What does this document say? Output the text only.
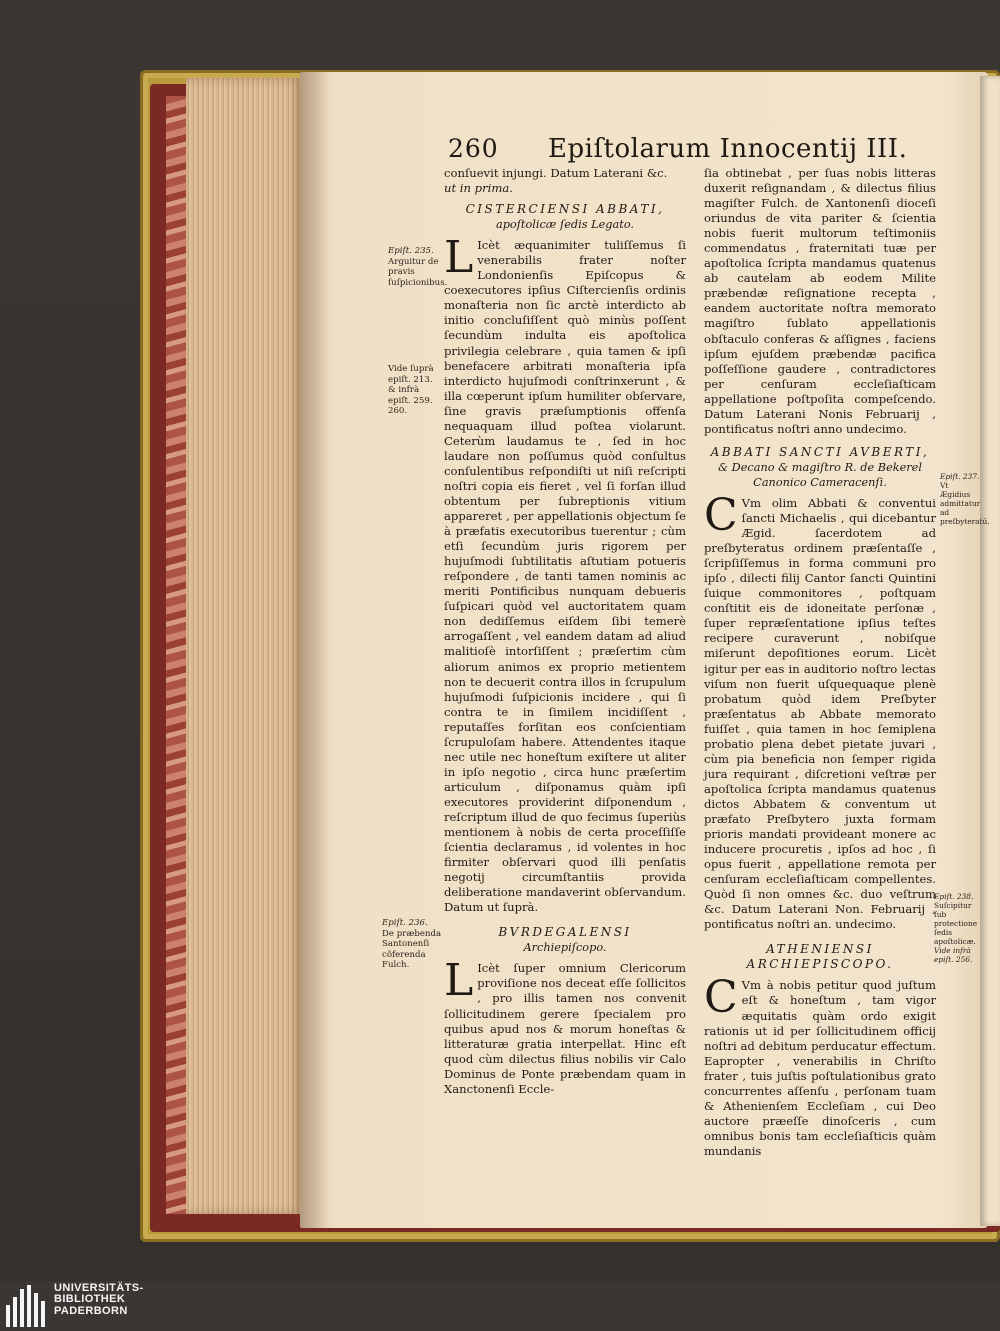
260 Epiſtolarum Innocentij III.

conſuevit injungi. Datum Laterani &c.

ut in prima.

CISTERCIENSI ABBATI,

apoſtolicæ ſedis Legato.

L Icèt æquanimiter tuliſſemus ſi venerabilis frater noſter Londonienſis Epiſcopus & coexecutores ipſius Ciſtercienſis ordinis monaſteria non ſic arctè interdicto ab initio concluſiſſent quò minùs poſſent ſecundùm indulta eis apoſtolica privilegia celebrare , quia tamen & ipſi benefacere arbitrati monaſteria ipſa interdicto hujuſmodi conſtrinxerunt , & illa cœperunt ipſum humiliter obſervare, ſine gravis præſumptionis offenſa nequaquam illud poſtea violarunt. Ceterùm laudamus te , ſed in hoc laudare non poſſumus quòd conſultus conſulentibus reſpondiſti ut niſi reſcripti noſtri copia eis fieret , vel ſi forſan illud obtentum per ſubreptionis vitium appareret , per appellationis objectum ſe à præfatis executoribus tuerentur ; cùm etſi ſecundùm juris rigorem per hujuſmodi ſubtilitatis aſtutiam potueris reſpondere , de tanti tamen nominis ac meriti Pontificibus nunquam debueris ſuſpicari quòd vel auctoritatem quam non dediſſemus eiſdem ſibi temerè arrogaſſent , vel eandem datam ad aliud malitioſè intorſiſſent ; præſertim cùm aliorum animos ex proprio metientem non te decuerit contra illos in ſcrupulum hujuſmodi ſuſpicionis incidere , qui ſi contra te in ſimilem incidiſſent , reputaſſes forſitan eos conſcientiam ſcrupuloſam habere. Attendentes itaque nec utile nec honeſtum exiſtere ut aliter in ipſo negotio , circa hunc præſertim articulum , diſponamus quàm ipſi executores providerint diſponendum , reſcriptum illud de quo fecimus ſuperiùs mentionem à nobis de certa proceſſiſſe ſcientia declaramus , id volentes in hoc firmiter obſervari quod illi penſatis negotij circumſtantiis provida deliberatione mandaverint obſervandum. Datum ut ſuprà.

BVRDEGALENSI

Archiepiſcopo.

L Icèt ſuper omnium Clericorum proviſione nos deceat eſſe ſollicitos , pro illis tamen nos convenit ſollicitudinem gerere ſpecialem pro quibus apud nos & morum honeſtas & litteraturæ gratia interpellat. Hinc eſt quod cùm dilectus filius nobilis vir Calo Dominus de Ponte præbendam quam in Xanctonenſi Eccle-

ſia obtinebat , per ſuas nobis litteras duxerit reſignandam , & dilectus filius magiſter Fulch. de Xantonenſi dioceſi oriundus de vita pariter & ſcientia nobis fuerit multorum teſtimoniis commendatus , fraternitati tuæ per apoſtolica ſcripta mandamus quatenus ab cautelam ab eodem Milite præbendæ reſignatione recepta , eandem auctoritate noſtra memorato magiſtro ſublato appellationis obſtaculo conferas & aſſignes , faciens ipſum ejuſdem præbendæ pacifica poſſeſſione gaudere , contradictores per cenſuram eccleſiaſticam appellatione poſtpoſita compeſcendo. Datum Laterani Nonis Februarij , pontificatus noſtri anno undecimo.

ABBATI SANCTI AVBERTI,

& Decano & magiſtro R. de Bekerel Canonico Cameracenſi.

C Vm olim Abbati & conventui ſancti Michaelis , qui dicebantur Ægid. ſacerdotem ad preſbyteratus ordinem præſentaſſe , ſcripſiſſemus in forma communi pro ipſo , dilecti filij Cantor ſancti Quintini ſuique commonitores , poſtquam conſtitit eis de idoneitate perſonæ , ſuper repræſentatione ipſius teſtes recipere curaverunt , nobiſque miſerunt depoſitiones eorum. Licèt igitur per eas in auditorio noſtro lectas viſum non fuerit uſquequaque plenè probatum quòd idem Preſbyter præſentatus ab Abbate memorato fuiſſet , quia tamen in hoc ſemiplena probatio plena debet pietate juvari , cùm pia beneficia non ſemper rigida jura requirant , diſcretioni veſtræ per apoſtolica ſcripta mandamus quatenus dictos Abbatem & conventum ut præfato Preſbytero juxta formam prioris mandati provideant monere ac inducere procuretis , ipſos ad hoc , ſi opus fuerit , appellatione remota per cenſuram eccleſiaſticam compellentes. Quòd ſi non omnes &c. duo veſtrum &c. Datum Laterani Non. Februarij , pontificatus noſtri an. undecimo.

ATHENIENSI ARCHIEPISCOPO.

C Vm à nobis petitur quod juſtum eſt & honeſtum , tam vigor æquitatis quàm ordo exigit rationis ut id per ſollicitudinem officij noſtri ad debitum perducatur effectum. Eapropter , venerabilis in Chriſto frater , tuis juſtis poſtulationibus grato concurrentes aſſenſu , perſonam tuam & Athenienſem Eccleſiam , cui Deo auctore præeſſe dinoſceris , cum omnibus bonis tam eccleſiaſticis quàm mundanis

Epiſt. 235. Arguitur de pravis ſuſpicionibus.
Vide ſuprà epiſt. 213. & infrà epiſt. 259. 260.
Epiſt. 236. De præbenda Santonenſi cõferenda Fulch.
Epiſt. 237. Vt Ægidius admittatur ad preſbyteratū.
Epiſt. 238. Suſcipitur ſub protectione ſedis apoſtolicæ. Vide infrà epiſt. 256.
UNIVERSITÄTS-
BIBLIOTHEK
PADERBORN
